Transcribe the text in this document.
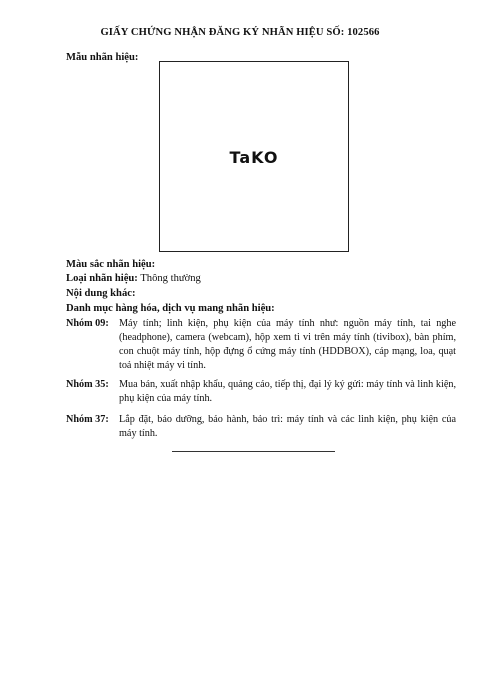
GIẤY CHỨNG NHẬN ĐĂNG KÝ NHÃN HIỆU SỐ: 102566
Mẫu nhãn hiệu:
TaKO
Màu sắc nhãn hiệu:
Loại nhãn hiệu: Thông thường
Nội dung khác:
Danh mục hàng hóa, dịch vụ mang nhãn hiệu:
Nhóm 09: Máy tính; linh kiện, phụ kiện của máy tính như: nguồn máy tính, tai nghe (headphone), camera (webcam), hộp xem ti vi trên máy tính (tivibox), bàn phím, con chuột máy tính, hộp đựng ổ cứng máy tính (HDDBOX), cáp mạng, loa, quạt toả nhiệt máy vi tính.
Nhóm 35: Mua bán, xuất nhập khẩu, quảng cáo, tiếp thị, đại lý ký gửi: máy tính và linh kiện, phụ kiện của máy tính.
Nhóm 37: Lắp đặt, bảo dưỡng, bảo hành, bảo trì: máy tính và các linh kiện, phụ kiện của máy tính.
